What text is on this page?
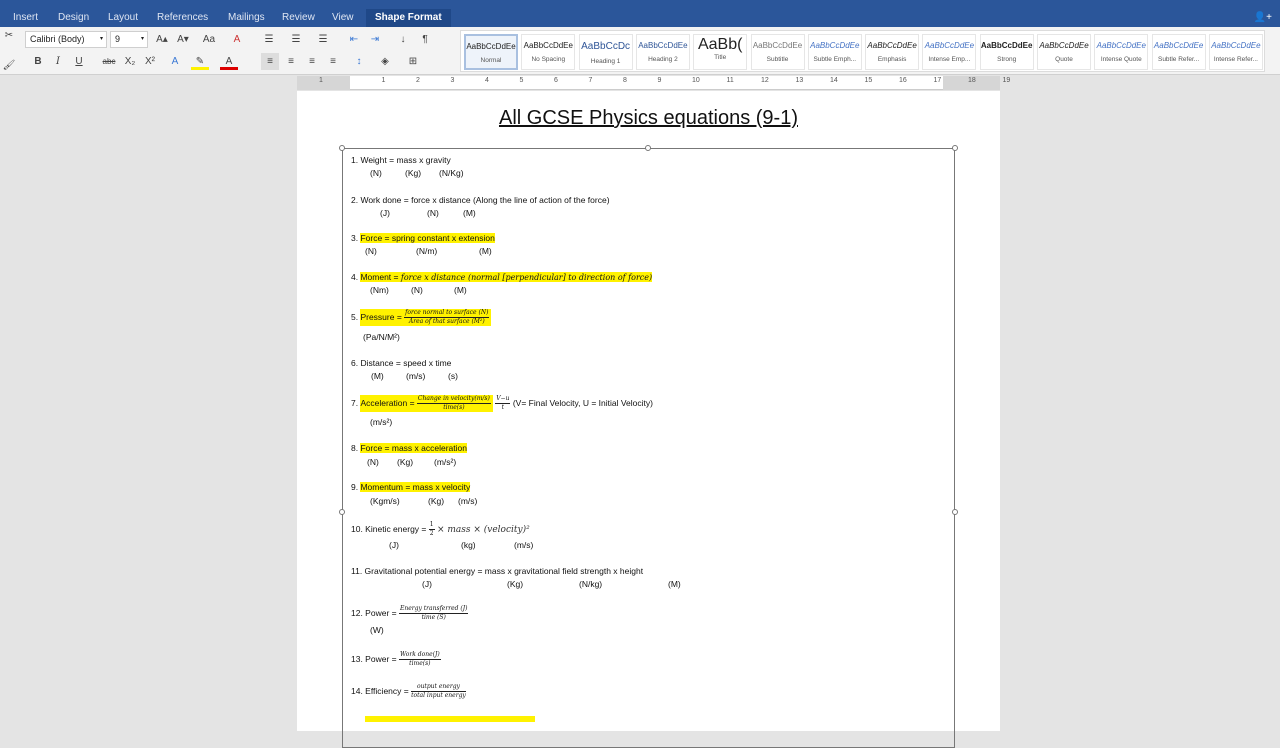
Insert	Design	Layout	References	Mailings	Review	View	Shape Format	👤+
✂
🖌
Calibri (Body)	▾	9	▾	A▴ A▾	Aa	A
B	I	U	abc X₂ X²	A	✎	A
☰	☰	☰	⇤	⇥	↓	¶
≡	≡	≡	≡	↕	◈	⊞
AaBbCcDdEe
Normal
AaBbCcDdEe
No Spacing
AaBbCcDc
Heading 1
AaBbCcDdEe
Heading 2
AaBb(
Title
AaBbCcDdEe
Subtitle
AaBbCcDdEe
Subtle Emph...
AaBbCcDdEe
Emphasis
AaBbCcDdEe
Intense Emp...
AaBbCcDdEe
Strong
AaBbCcDdEe
Quote
AaBbCcDdEe
Intense Quote
AaBbCcDdEe
Subtle Refer...
AaBbCcDdEe
Intense Refer...
1	1	2	3	4	5	6	7	8	9	10	11	12	13	14	15	16	17	18	19
All GCSE Physics equations (9-1)
1. Weight = mass x gravity
(N)	(Kg) (N/Kg)
2. Work done = force x distance (Along the line of action of the force)
(J)	(N)	(M)
3. Force = spring constant x extension
(N)	(N/m)	(M)
4. Moment = force x distance (normal [perpendicular] to direction of force)
(Nm)	(N)	(M)
5. Pressure = $\frac{\text{force normal to surface (N)}}{\text{Area of that surface (M²)}}$
(Pa/N/M²)
6. Distance = speed x time
(M)	(m/s)	(s)
7. Acceleration = $\frac{\text{Change in velocity(m/s)}}{\text{time(s)}}$
$\frac{V-u}{t} (V=$ Final Velocity, U = Initial Velocity)
(m/s²)
8. Force = mass x acceleration
(N) (Kg) (m/s²)
9. Momentum = mass x velocity
(Kgm/s)	(Kg) (m/s)
10. Kinetic energy = $\frac{1}{2}$ × mass × (velocity)²
(J)	(kg)	(m/s)
11. Gravitational potential energy = mass x gravitational field strength x height
(J)	(Kg)	(N/kg)	(M)
12. Power = $\frac{\text{Energy transferred (J)}}{\text{time (S)}}$
(W)
13. Power = $\frac{\text{Work done(J)}}{\text{time(s)}}$
14. Efficiency = $\frac{\text{output energy}}{\text{total input energy}}$
